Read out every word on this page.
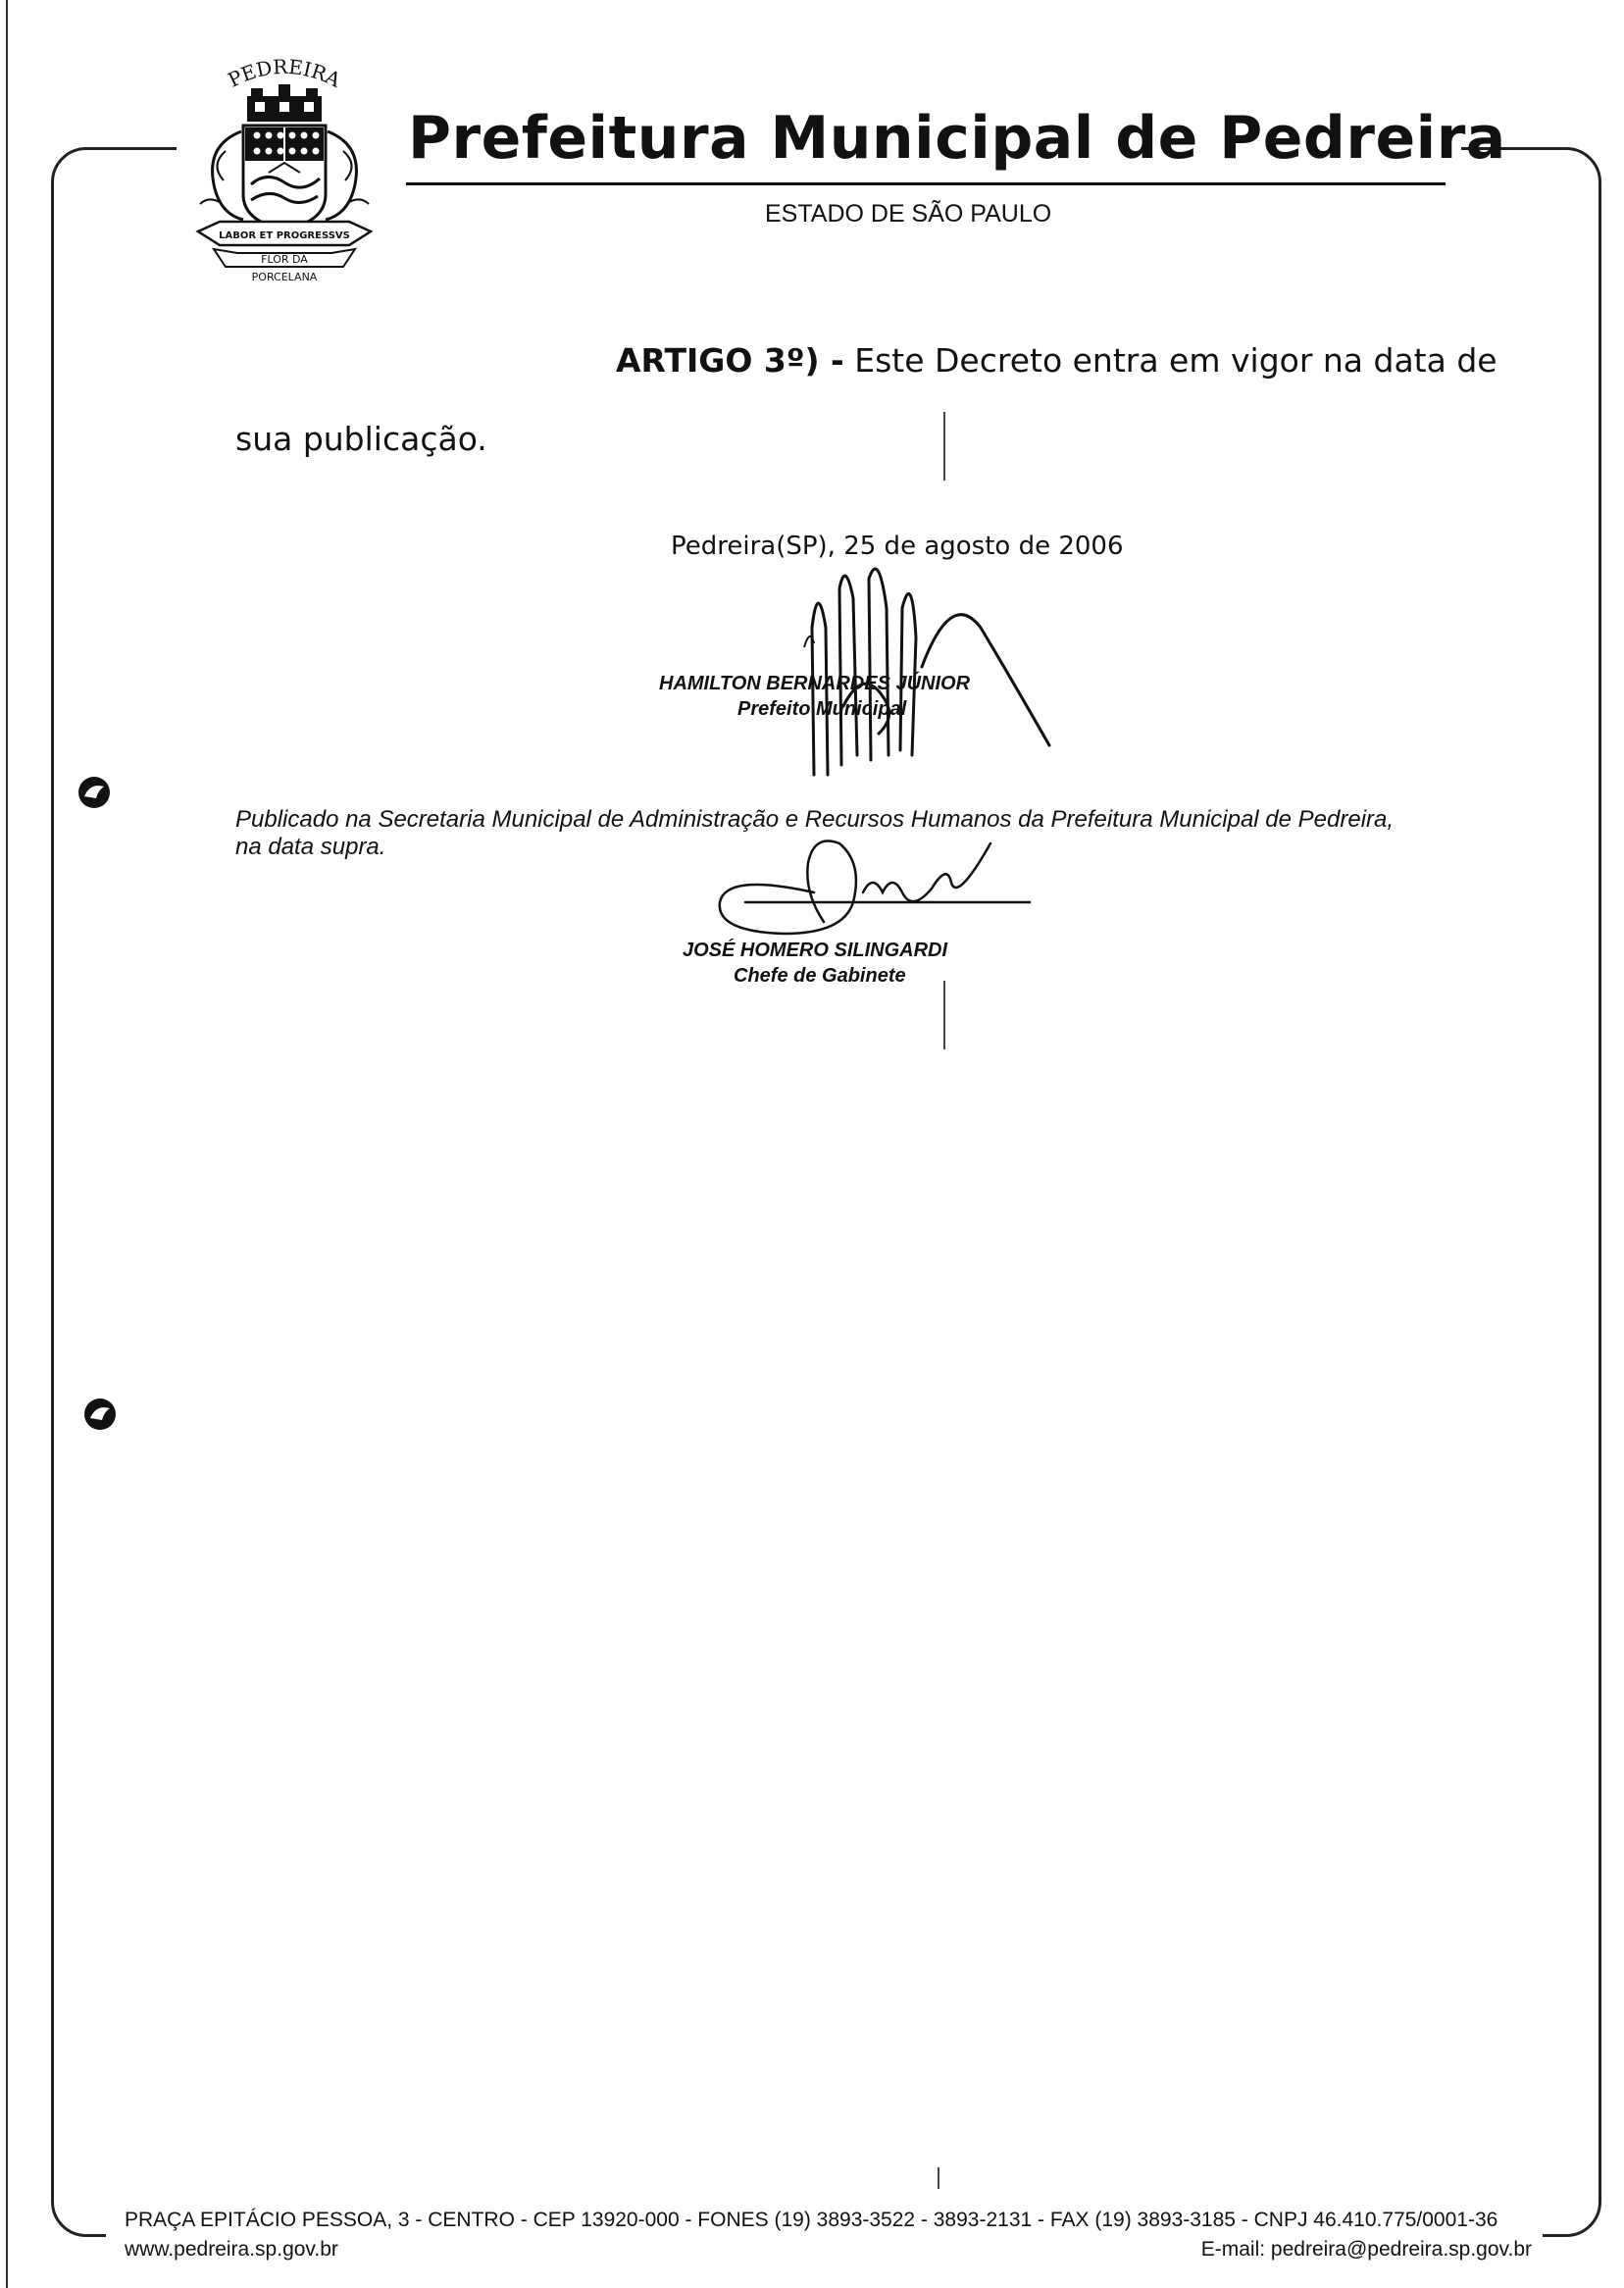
PEDREIRA
LABOR ET PROGRESSVS
FLOR DA
PORCELANA
Prefeitura Municipal de Pedreira
ESTADO DE SÃO PAULO
ARTIGO 3º) - Este Decreto entra em vigor na data de
sua publicação.
Pedreira(SP), 25 de agosto de 2006
HAMILTON BERNARDES JÚNIOR
Prefeito Municipal
Publicado na Secretaria Municipal de Administração e Recursos Humanos da Prefeitura Municipal de Pedreira, na data supra.
JOSÉ HOMERO SILINGARDI
Chefe de Gabinete
PRAÇA EPITÁCIO PESSOA, 3 - CENTRO - CEP 13920-000 - FONES (19) 3893-3522 - 3893-2131 - FAX (19) 3893-3185 - CNPJ 46.410.775/0001-36
www.pedreira.sp.gov.br	E-mail: pedreira@pedreira.sp.gov.br
